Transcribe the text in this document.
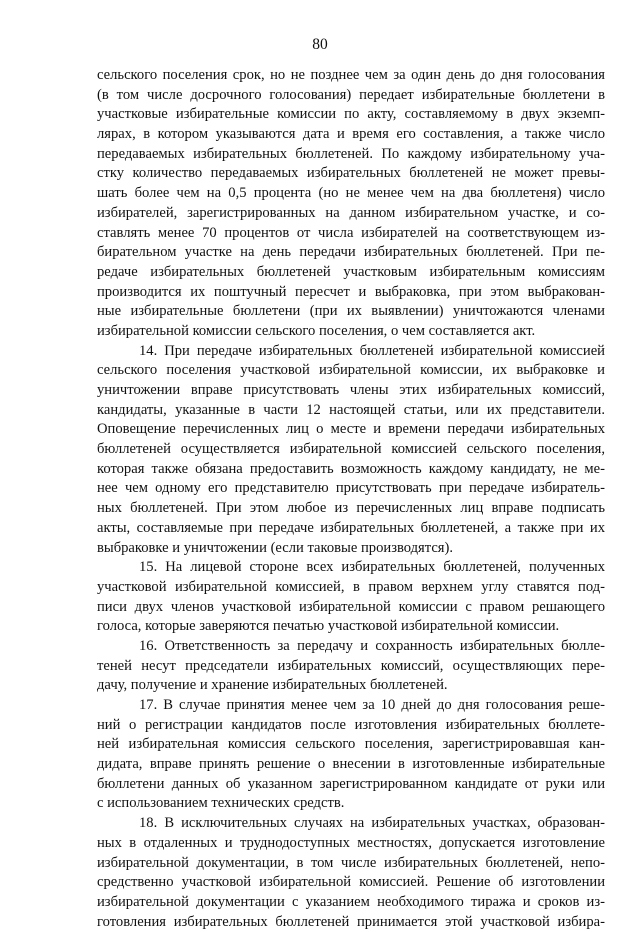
80
сельского поселения срок, но не позднее чем за один день до дня голосования
(в том числе досрочного голосования) передает избирательные бюллетени в
участковые избирательные комиссии по акту, составляемому в двух экземп-
лярах, в котором указываются дата и время его составления, а также число
передаваемых избирательных бюллетеней. По каждому избирательному уча-
стку количество передаваемых избирательных бюллетеней не может превы-
шать более чем на 0,5 процента (но не менее чем на два бюллетеня) число
избирателей, зарегистрированных на данном избирательном участке, и со-
ставлять менее 70 процентов от числа избирателей на соответствующем из-
бирательном участке на день передачи избирательных бюллетеней. При пе-
редаче избирательных бюллетеней участковым избирательным комиссиям
производится их поштучный пересчет и выбраковка, при этом выбракован-
ные избирательные бюллетени (при их выявлении) уничтожаются членами
избирательной комиссии сельского поселения, о чем составляется акт.
14. При передаче избирательных бюллетеней избирательной комиссией
сельского поселения участковой избирательной комиссии, их выбраковке и
уничтожении вправе присутствовать члены этих избирательных комиссий,
кандидаты, указанные в части 12 настоящей статьи, или их представители.
Оповещение перечисленных лиц о месте и времени передачи избирательных
бюллетеней осуществляется избирательной комиссией сельского поселения,
которая также обязана предоставить возможность каждому кандидату, не ме-
нее чем одному его представителю присутствовать при передаче избиратель-
ных бюллетеней. При этом любое из перечисленных лиц вправе подписать
акты, составляемые при передаче избирательных бюллетеней, а также при их
выбраковке и уничтожении (если таковые производятся).
15. На лицевой стороне всех избирательных бюллетеней, полученных
участковой избирательной комиссией, в правом верхнем углу ставятся под-
писи двух членов участковой избирательной комиссии с правом решающего
голоса, которые заверяются печатью участковой избирательной комиссии.
16. Ответственность за передачу и сохранность избирательных бюлле-
теней несут председатели избирательных комиссий, осуществляющих пере-
дачу, получение и хранение избирательных бюллетеней.
17. В случае принятия менее чем за 10 дней до дня голосования реше-
ний о регистрации кандидатов после изготовления избирательных бюллете-
ней избирательная комиссия сельского поселения, зарегистрировавшая кан-
дидата, вправе принять решение о внесении в изготовленные избирательные
бюллетени данных об указанном зарегистрированном кандидате от руки или
с использованием технических средств.
18. В исключительных случаях на избирательных участках, образован-
ных в отдаленных и труднодоступных местностях, допускается изготовление
избирательной документации, в том числе избирательных бюллетеней, непо-
средственно участковой избирательной комиссией. Решение об изготовлении
избирательной документации с указанием необходимого тиража и сроков из-
готовления избирательных бюллетеней принимается этой участковой избира-
